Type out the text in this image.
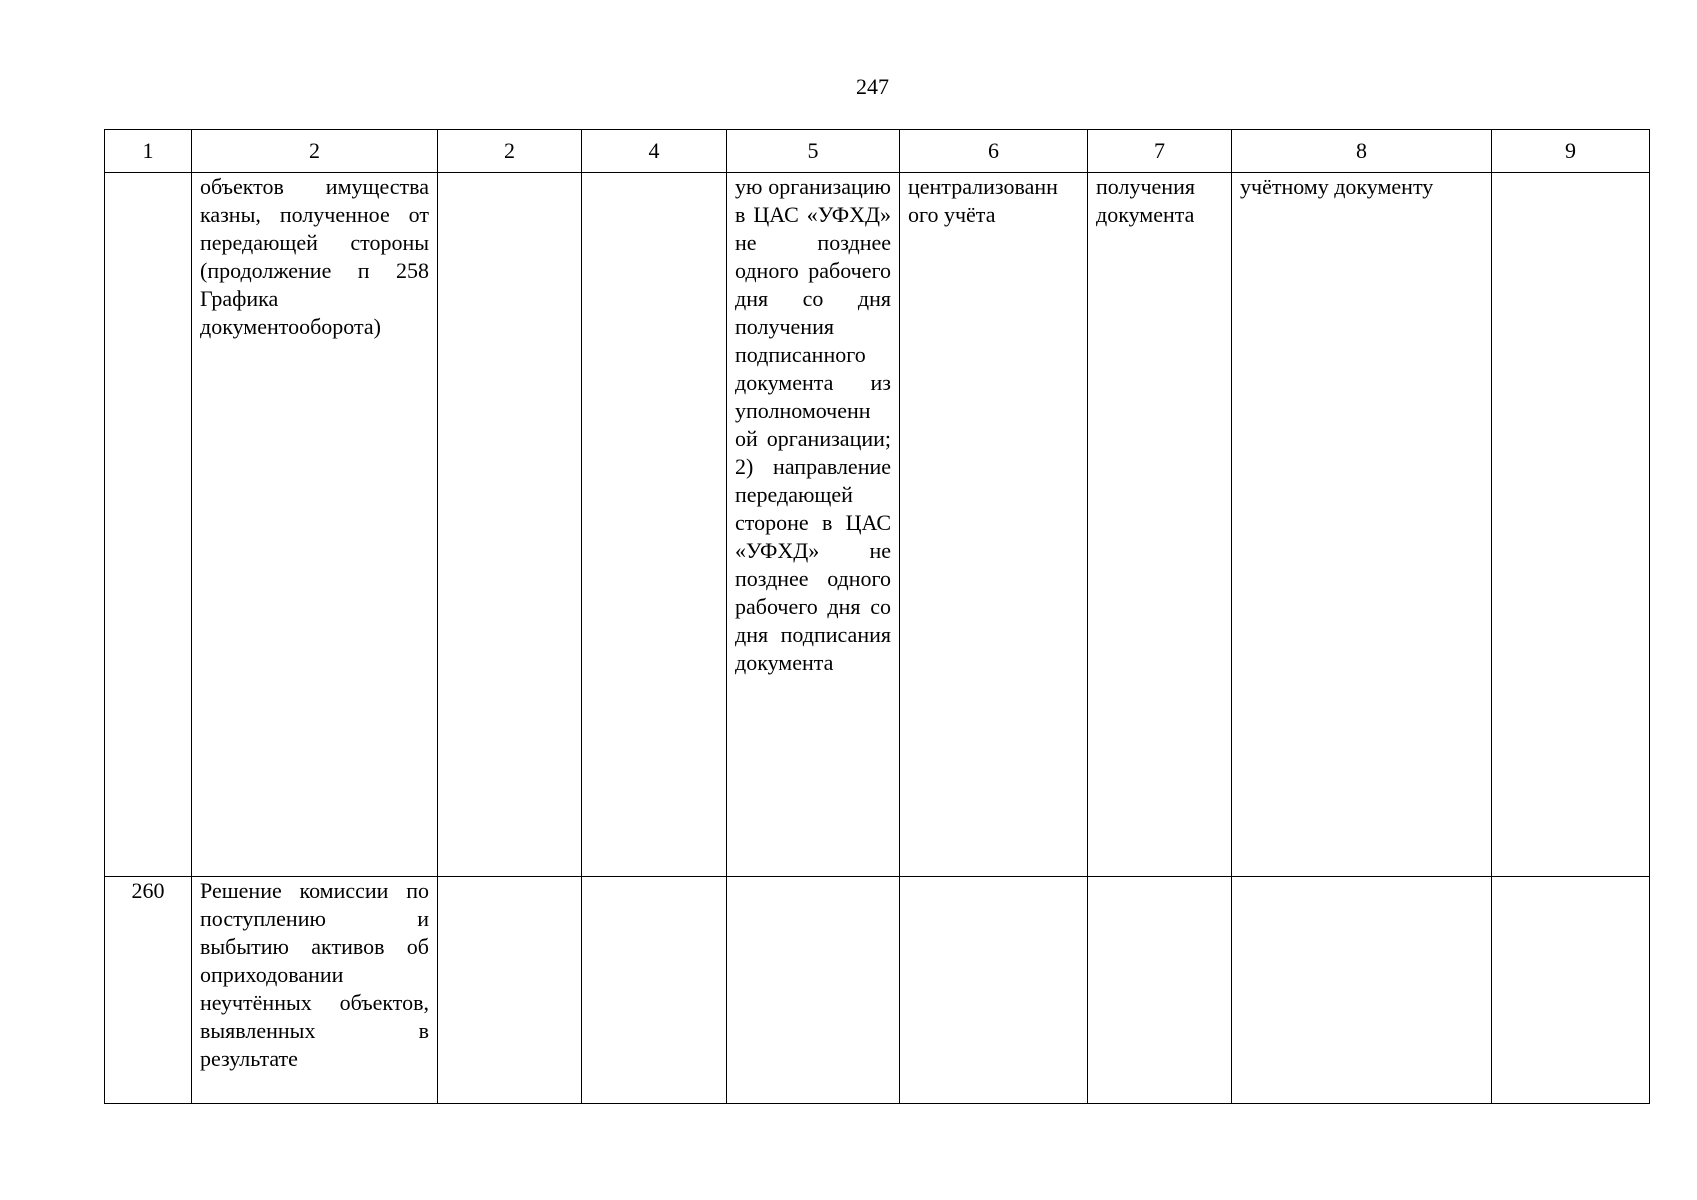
247
1	2	2	4	5	6	7	8	9
	объектов имущества казны, полученное от передающей стороны (продолжение п 258 Графика документооборота)			ую организацию в ЦАС «УФХД» не позднее одного рабочего дня со дня получения подписанного документа из уполномоченн ой организации; 2) направление передающей стороне в ЦАС «УФХД» не позднее одного рабочего дня со дня подписания документа	централизованн ого учёта	получения документа	учётному документу	
260	Решение комиссии по поступлению и выбытию активов об оприходовании неучтённых объектов, выявленных в результате							
